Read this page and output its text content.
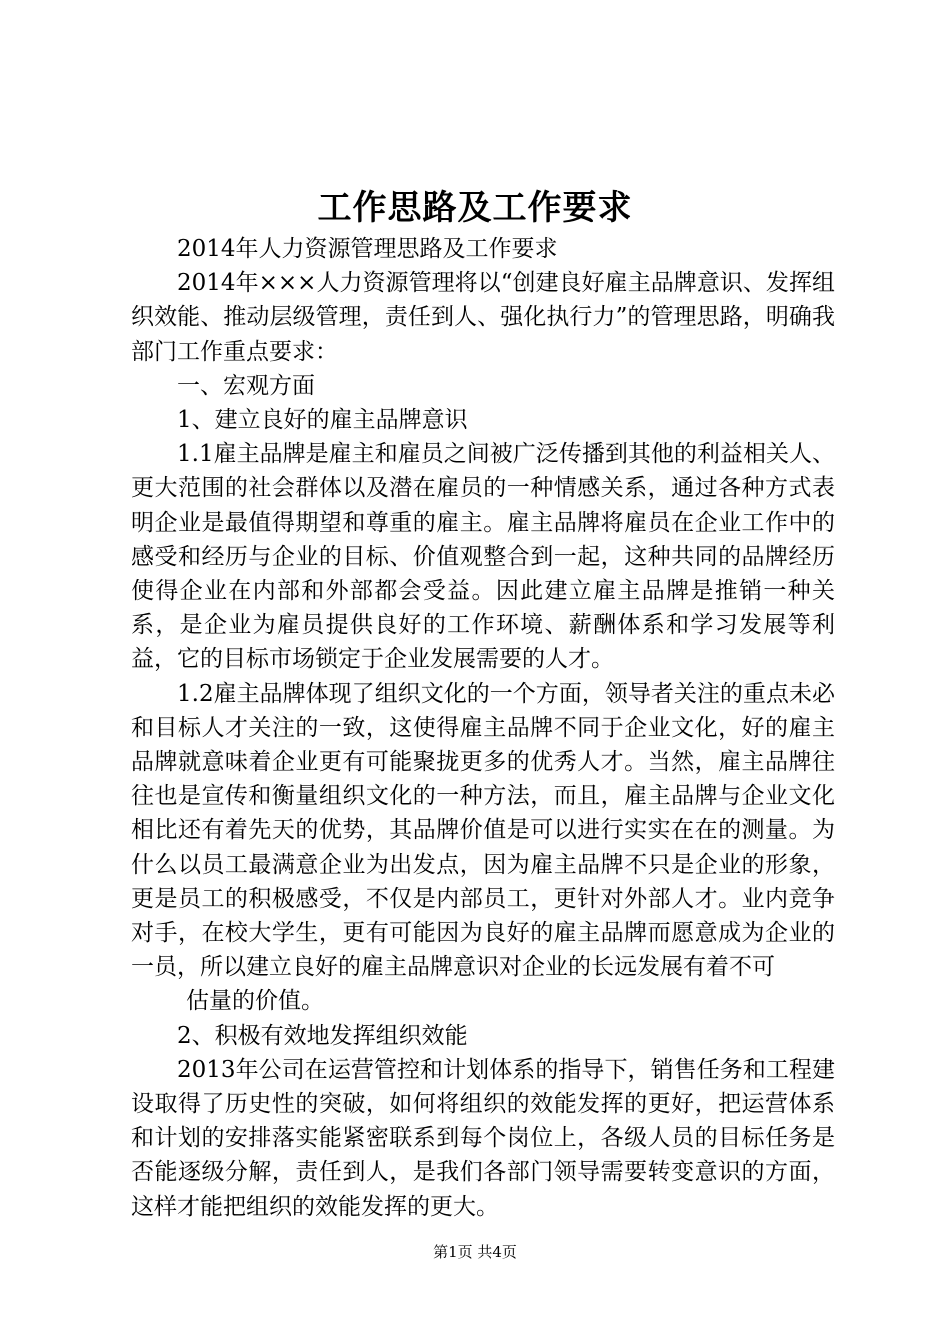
工作思路及工作要求

2014年人力资源管理思路及工作要求

2014年×××人力资源管理将以“创建良好雇主品牌意识、发挥组织效能、推动层级管理，责任到人、强化执行力”的管理思路，明确我部门工作重点要求：

一、宏观方面

1、建立良好的雇主品牌意识

1.1雇主品牌是雇主和雇员之间被广泛传播到其他的利益相关人、更大范围的社会群体以及潜在雇员的一种情感关系，通过各种方式表明企业是最值得期望和尊重的雇主。雇主品牌将雇员在企业工作中的感受和经历与企业的目标、价值观整合到一起，这种共同的品牌经历使得企业在内部和外部都会受益。因此建立雇主品牌是推销一种关系，是企业为雇员提供良好的工作环境、薪酬体系和学习发展等利益，它的目标市场锁定于企业发展需要的人才。

1.2雇主品牌体现了组织文化的一个方面，领导者关注的重点未必和目标人才关注的一致，这使得雇主品牌不同于企业文化，好的雇主品牌就意味着企业更有可能聚拢更多的优秀人才。当然，雇主品牌往往也是宣传和衡量组织文化的一种方法，而且，雇主品牌与企业文化相比还有着先天的优势，其品牌价值是可以进行实实在在的测量。为什么以员工最满意企业为出发点，因为雇主品牌不只是企业的形象，更是员工的积极感受，不仅是内部员工，更针对外部人才。业内竞争对手，在校大学生，更有可能因为良好的雇主品牌而愿意成为企业的一员，所以建立良好的雇主品牌意识对企业的长远发展有着不可

估量的价值。

2、积极有效地发挥组织效能

2013年公司在运营管控和计划体系的指导下，销售任务和工程建设取得了历史性的突破，如何将组织的效能发挥的更好，把运营体系和计划的安排落实能紧密联系到每个岗位上，各级人员的目标任务是否能逐级分解，责任到人，是我们各部门领导需要转变意识的方面，这样才能把组织的效能发挥的更大。

第1页 共4页
